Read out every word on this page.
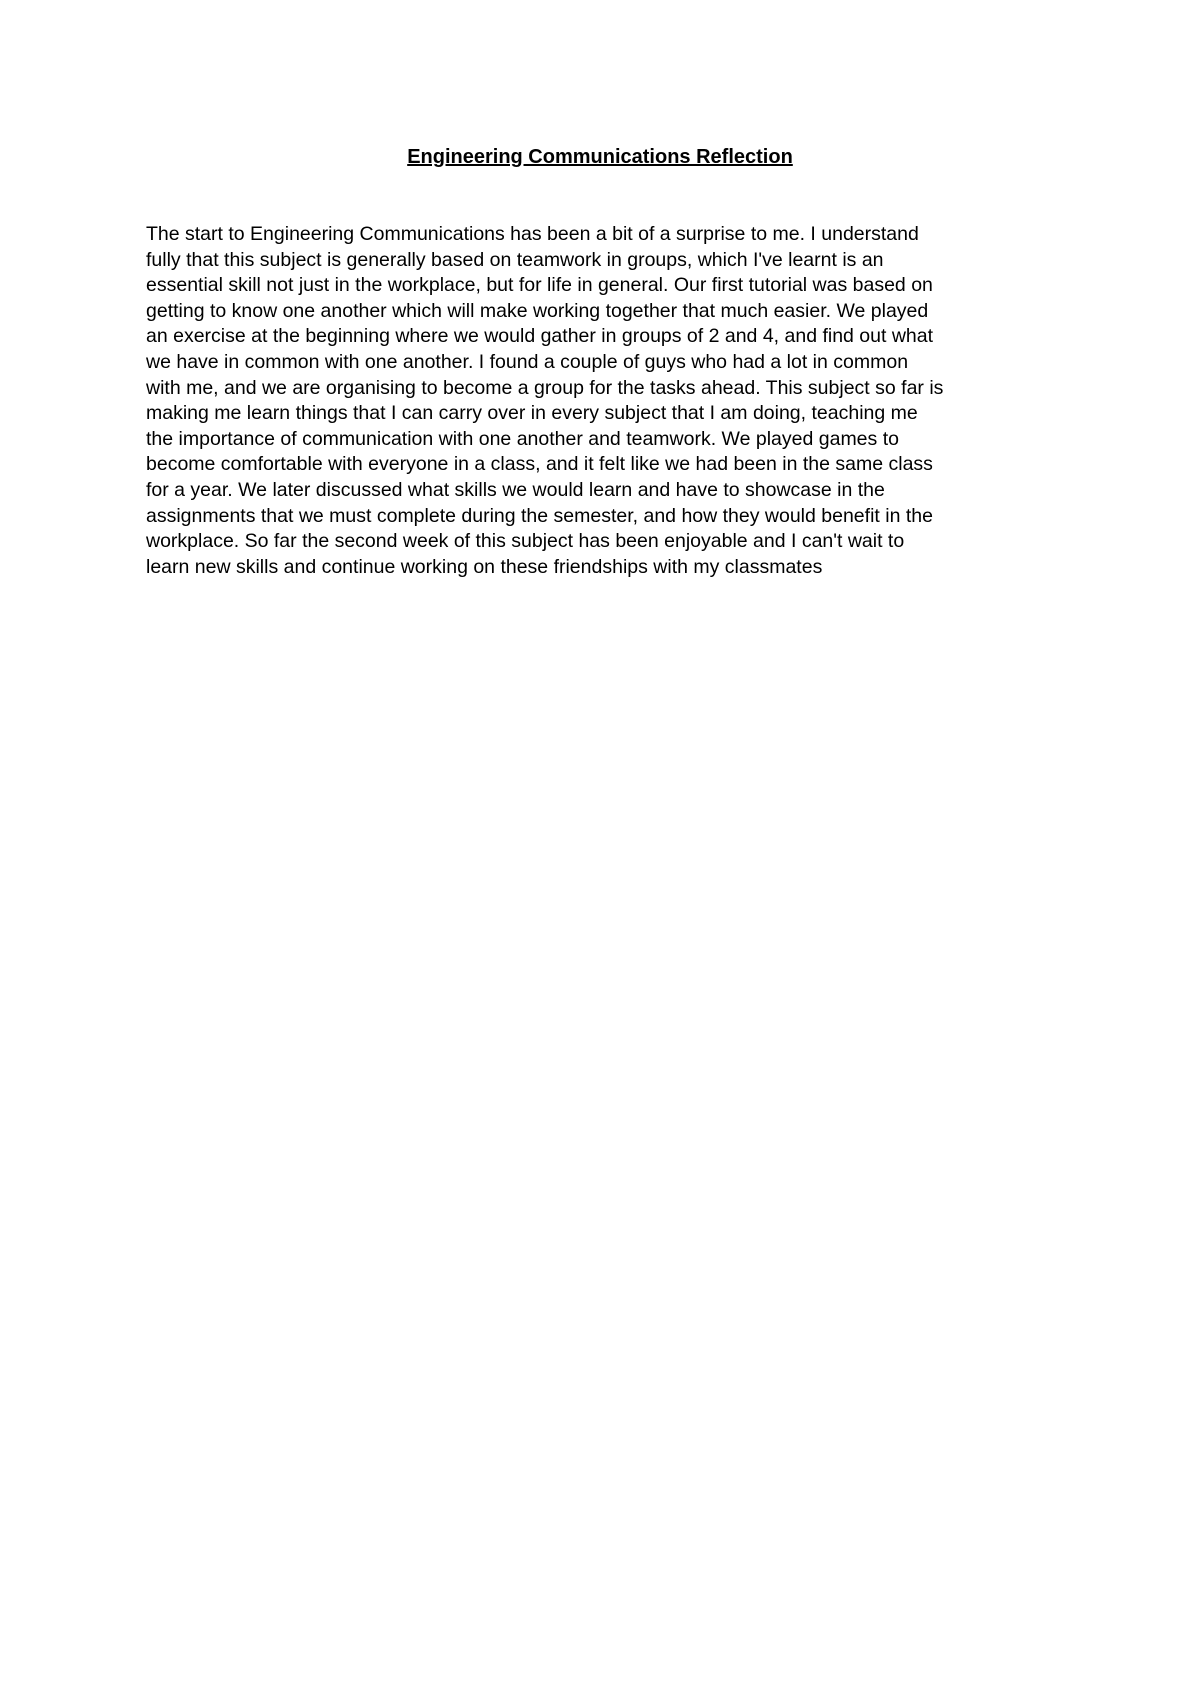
Engineering Communications Reflection

The start to Engineering Communications has been a bit of a surprise to me. I understand
fully that this subject is generally based on teamwork in groups, which I've learnt is an
essential skill not just in the workplace, but for life in general. Our first tutorial was based on
getting to know one another which will make working together that much easier. We played
an exercise at the beginning where we would gather in groups of 2 and 4, and find out what
we have in common with one another. I found a couple of guys who had a lot in common
with me, and we are organising to become a group for the tasks ahead. This subject so far is
making me learn things that I can carry over in every subject that I am doing, teaching me
the importance of communication with one another and teamwork. We played games to
become comfortable with everyone in a class, and it felt like we had been in the same class
for a year. We later discussed what skills we would learn and have to showcase in the
assignments that we must complete during the semester, and how they would benefit in the
workplace. So far the second week of this subject has been enjoyable and I can't wait to
learn new skills and continue working on these friendships with my classmates
